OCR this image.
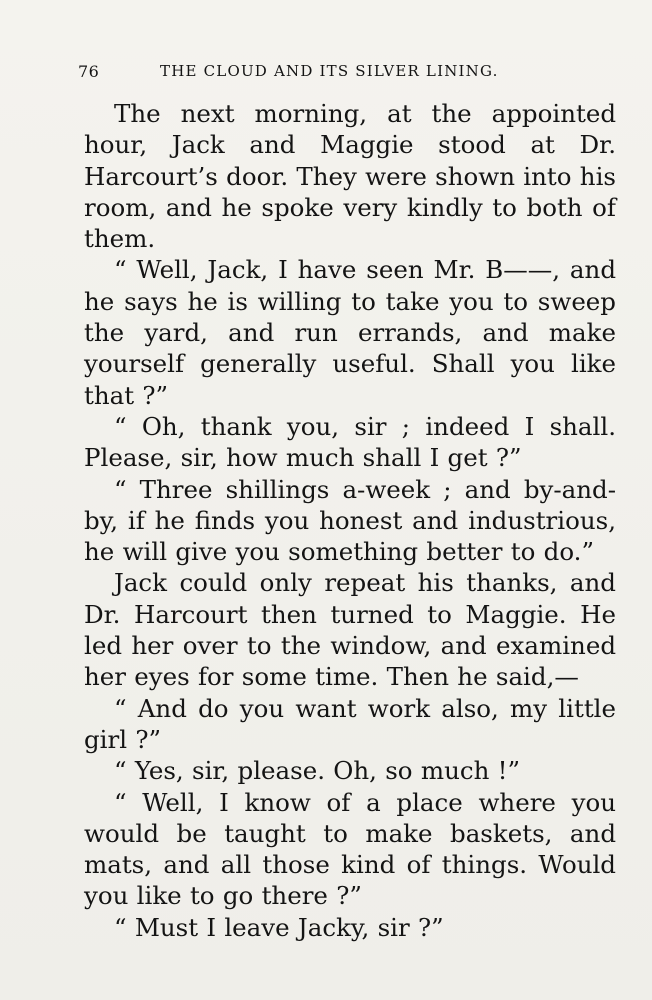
76	THE CLOUD AND ITS SILVER LINING.

The next morning, at the appointed hour, Jack and Maggie stood at Dr. Harcourt’s door. They were shown into his room, and he spoke very kindly to both of them.

“ Well, Jack, I have seen Mr. B——, and he says he is willing to take you to sweep the yard, and run errands, and make yourself generally useful. Shall you like that ?”

“ Oh, thank you, sir ; indeed I shall. Please, sir, how much shall I get ?”

“ Three shillings a-week ; and by-and-by, if he finds you honest and industrious, he will give you something better to do.”

Jack could only repeat his thanks, and Dr. Harcourt then turned to Maggie. He led her over to the window, and examined her eyes for some time. Then he said,—

“ And do you want work also, my little girl ?”

“ Yes, sir, please. Oh, so much !”

“ Well, I know of a place where you would be taught to make baskets, and mats, and all those kind of things. Would you like to go there ?”

“ Must I leave Jacky, sir ?”
